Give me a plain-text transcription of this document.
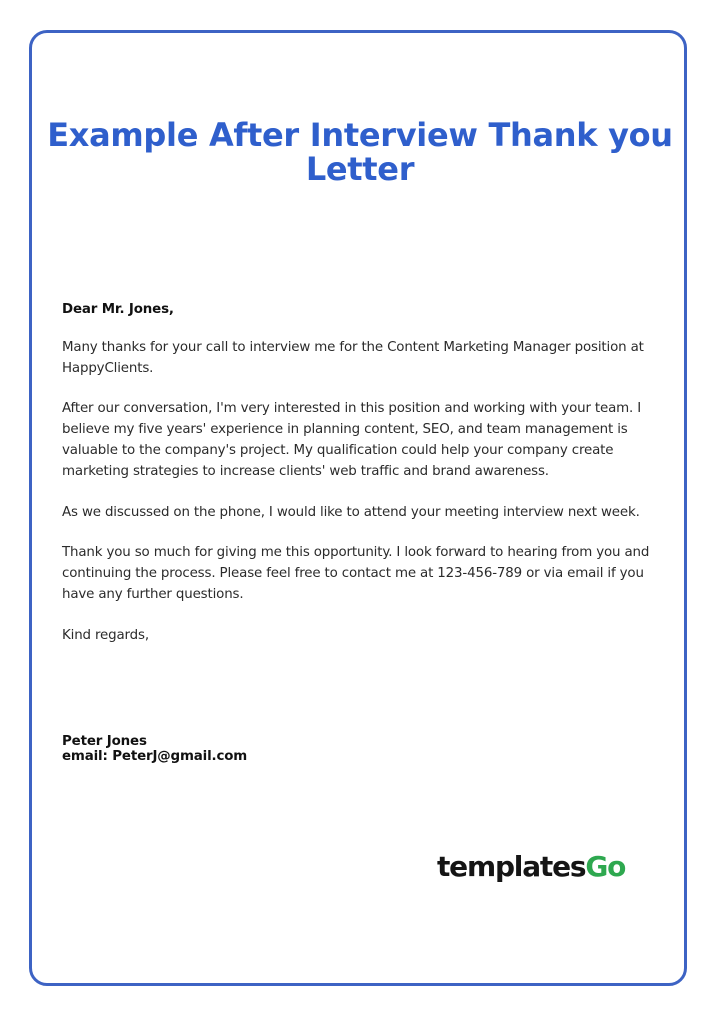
Example After Interview Thank you Letter

Dear Mr. Jones,

Many thanks for your call to interview me for the Content Marketing Manager position at HappyClients.

After our conversation, I'm very interested in this position and working with your team. I believe my five years' experience in planning content, SEO, and team management is valuable to the company's project. My qualification could help your company create marketing strategies to increase clients' web traffic and brand awareness.

As we discussed on the phone, I would like to attend your meeting interview next week.

Thank you so much for giving me this opportunity. I look forward to hearing from you and continuing the process. Please feel free to contact me at 123-456-789 or via email if you have any further questions.

Kind regards,

Peter Jones
email: PeterJ@gmail.com
templatesGo
